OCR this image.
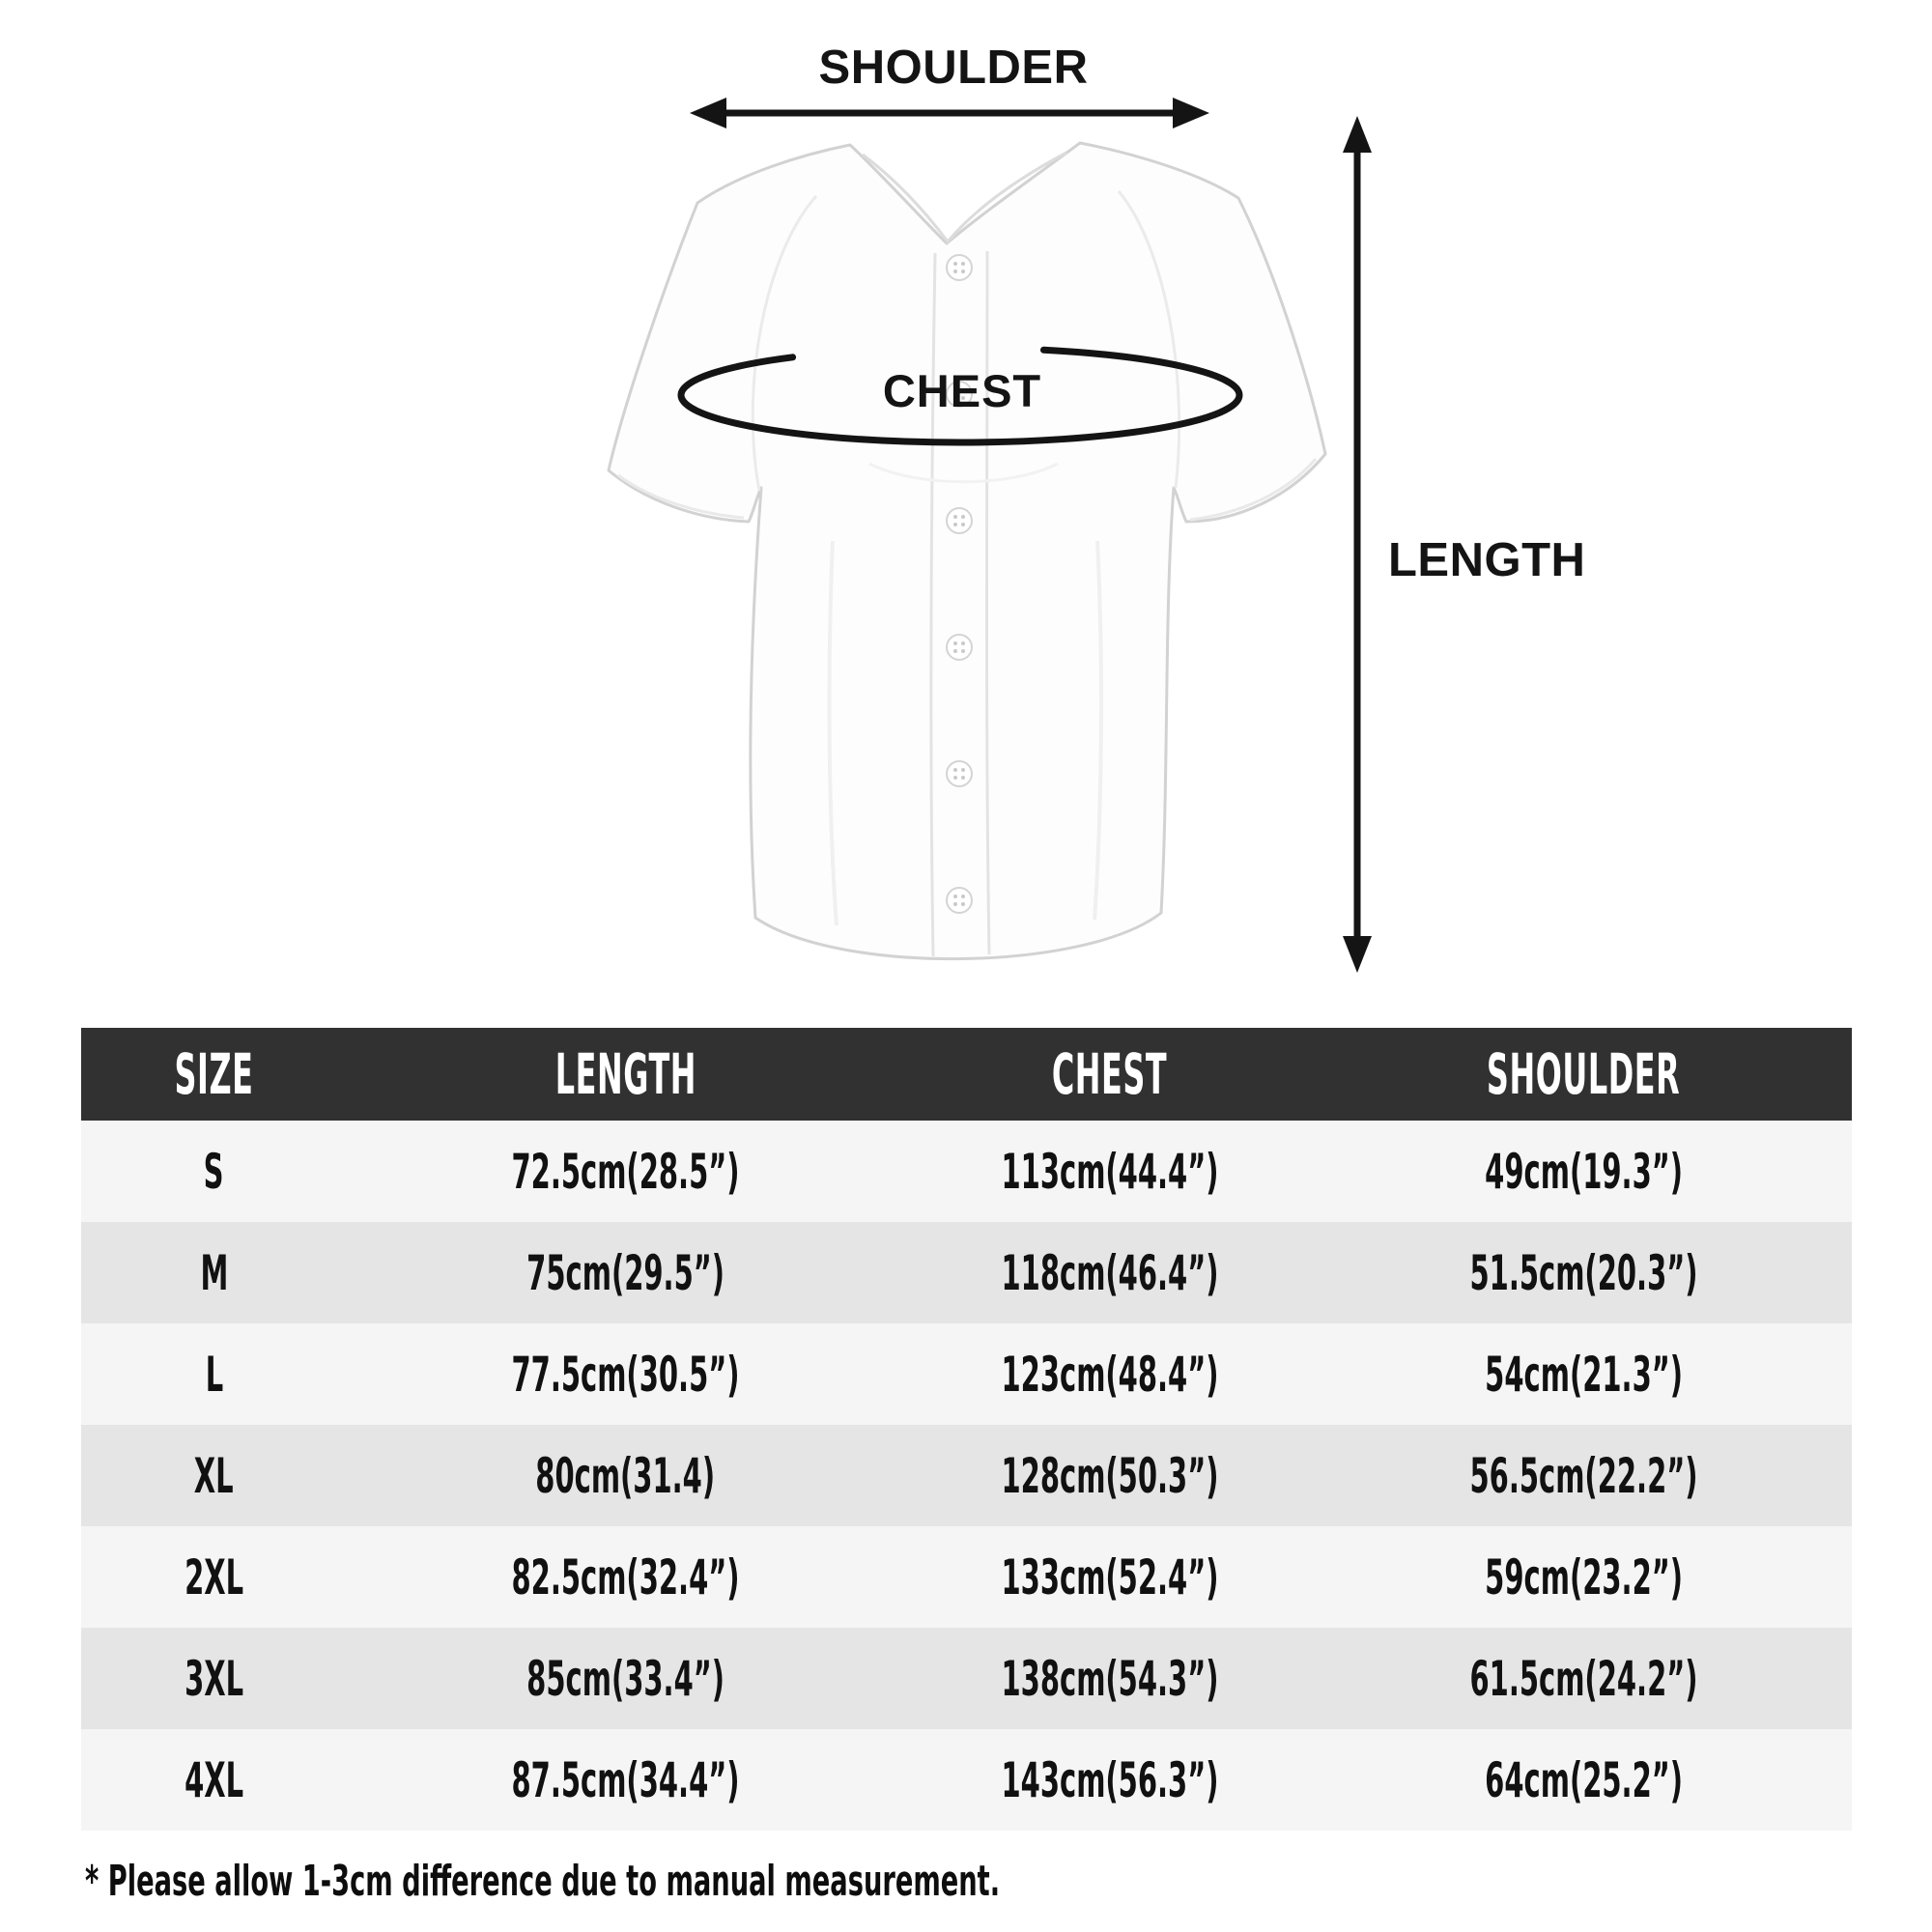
SHOULDER
CHEST
LENGTH
SIZE	LENGTH	CHEST	SHOULDER
S	72.5cm(28.5”)	113cm(44.4”)	49cm(19.3”)
M	75cm(29.5”)	118cm(46.4”)	51.5cm(20.3”)
L	77.5cm(30.5”)	123cm(48.4”)	54cm(21.3”)
XL	80cm(31.4)	128cm(50.3”)	56.5cm(22.2”)
2XL	82.5cm(32.4”)	133cm(52.4”)	59cm(23.2”)
3XL	85cm(33.4”)	138cm(54.3”)	61.5cm(24.2”)
4XL	87.5cm(34.4”)	143cm(56.3”)	64cm(25.2”)
* Please allow 1-3cm difference due to manual measurement.
